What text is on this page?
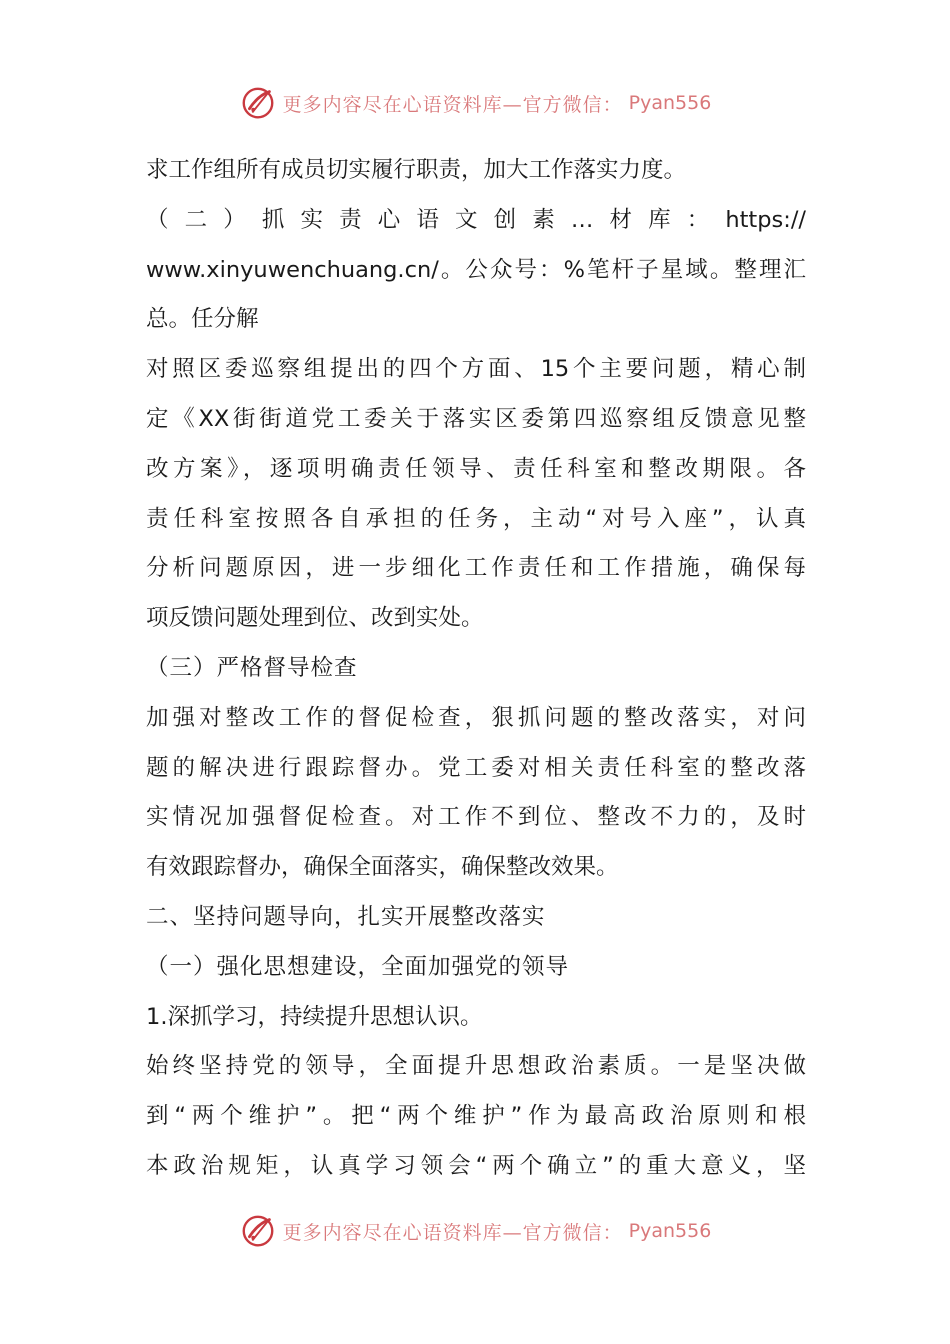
更多内容尽在心语资料库—官方微信： Pyan556
求工作组所有成员切实履行职责，加大工作落实力度。
（二）抓实责心语文创素…材库：https://
www.xinyuwenchuang.cn/。公众号：%笔杆子星域。整理汇
总。任分解
对照区委巡察组提出的四个方面、15个主要问题，精心制
定《XX街街道党工委关于落实区委第四巡察组反馈意见整
改方案》，逐项明确责任领导、责任科室和整改期限。各
责任科室按照各自承担的任务，主动“对号入座”，认真
分析问题原因，进一步细化工作责任和工作措施，确保每
项反馈问题处理到位、改到实处。
（三）严格督导检查
加强对整改工作的督促检查，狠抓问题的整改落实，对问
题的解决进行跟踪督办。党工委对相关责任科室的整改落
实情况加强督促检查。对工作不到位、整改不力的，及时
有效跟踪督办，确保全面落实，确保整改效果。
二、坚持问题导向，扎实开展整改落实
（一）强化思想建设，全面加强党的领导
1.深抓学习，持续提升思想认识。
始终坚持党的领导，全面提升思想政治素质。一是坚决做
到“两个维护”。把“两个维护”作为最高政治原则和根
本政治规矩，认真学习领会“两个确立”的重大意义，坚
更多内容尽在心语资料库—官方微信： Pyan556
